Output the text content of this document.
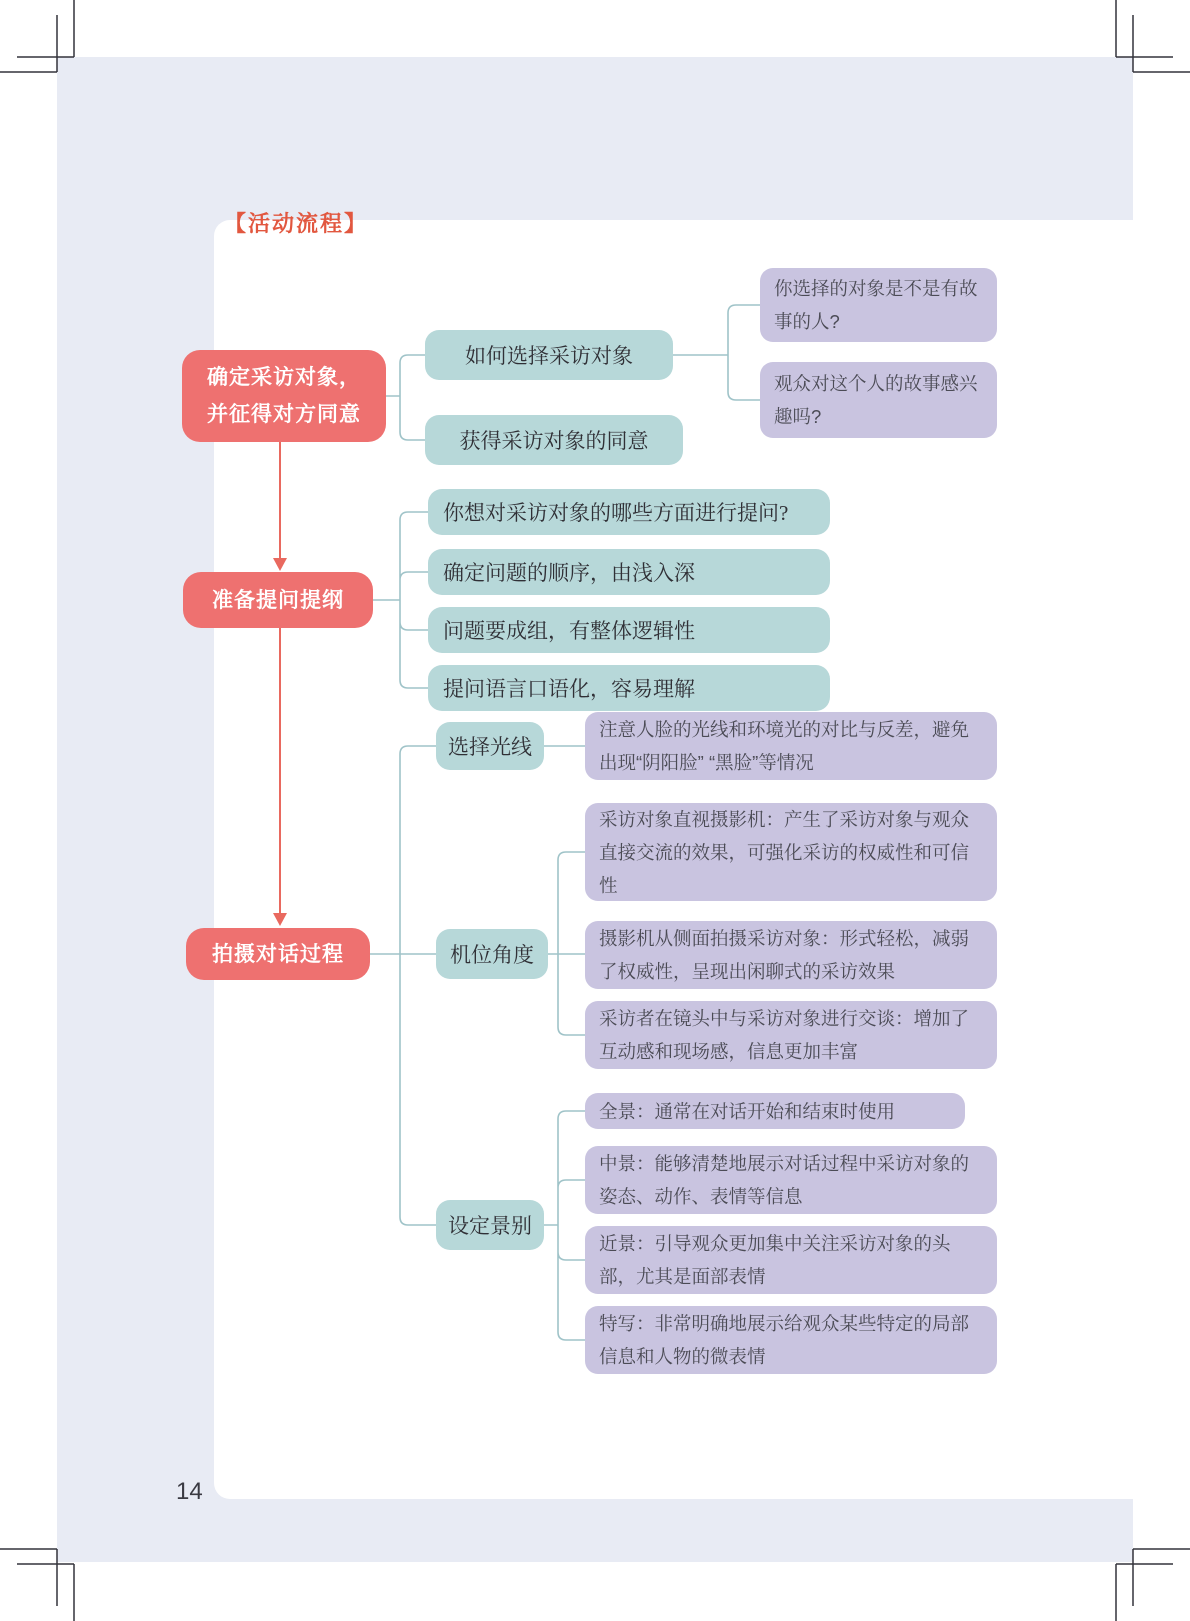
【活动流程】
确定采访对象，
并征得对方同意
如何选择采访对象
获得采访对象的同意
你选择的对象是不是有故事的人?
观众对这个人的故事感兴趣吗?
准备提问提纲
你想对采访对象的哪些方面进行提问?
确定问题的顺序，由浅入深
问题要成组，有整体逻辑性
提问语言口语化，容易理解
拍摄对话过程
选择光线
注意人脸的光线和环境光的对比与反差，避免出现“阴阳脸” “黑脸”等情况
机位角度
采访对象直视摄影机：产生了采访对象与观众直接交流的效果，可强化采访的权威性和可信性
摄影机从侧面拍摄采访对象：形式轻松，减弱了权威性，呈现出闲聊式的采访效果
采访者在镜头中与采访对象进行交谈：增加了互动感和现场感，信息更加丰富
设定景别
全景：通常在对话开始和结束时使用
中景：能够清楚地展示对话过程中采访对象的姿态、动作、表情等信息
近景：引导观众更加集中关注采访对象的头部，尤其是面部表情
特写：非常明确地展示给观众某些特定的局部信息和人物的微表情
14
